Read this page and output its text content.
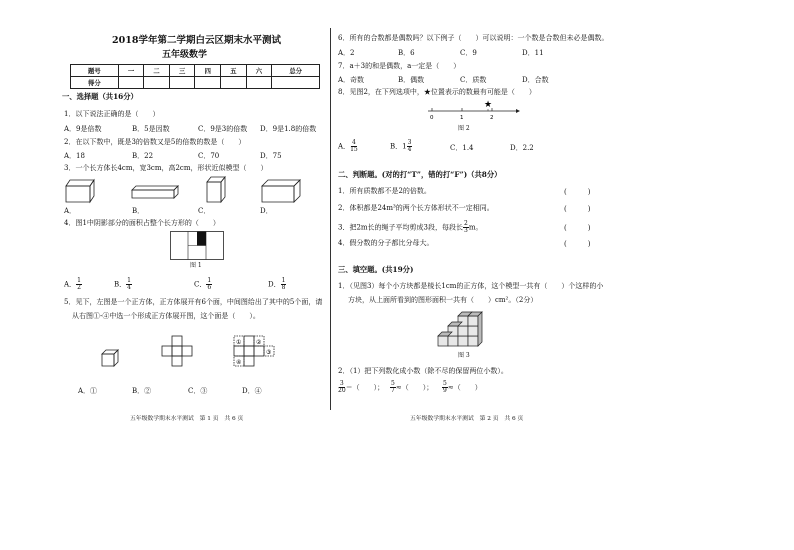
2018学年第二学期白云区期末水平测试
五年级数学
题号	一	二	三	四	五	六	总分
得分							
一、选择题（共16分）
1．以下说法正确的是（　　）
A．9是倍数	B．5是因数	C．9是3的倍数 D．9是1.8的倍数
2．在以下数中，既是3的倍数又是5的倍数的数是（　　）
A．18	B．22	C．70	D．75
3．一个长方体长4cm，宽3cm，高2cm，形状近似模型（　　）
A．	B．	C．	D．
4．图1中阴影部分的面积占整个长方形的（　　）
图 1
A． $\frac{1}{2}$	B． $\frac{1}{4}$	C． $\frac{1}{6}$	D． $\frac{1}{8}$
5．见下，左图是一个正方体，正方体展开有6个面，中间图给出了其中的5个面，请
从右图①-④中选一个形成正方体展开图，这个面是（　　）。
① ②
③
④
A．①	B．②	C．③	D．④
五年级数学期末水平测试　第 1 页　共 6 页
6．所有的合数都是偶数吗？以下例子（　　）可以说明：一个数是合数但未必是偶数。
A．2	B．6	C．9	D．11
7．a＋3的和是偶数，a一定是（　　）
A．奇数	B．偶数	C．质数	D．合数
8．见图2，在下列选项中，★位置表示的数最有可能是（　　）
0	1	2
★
图 2
A． $\frac{4}{15}$	B．$1 \frac{3}{4}$	C．1.4	D．2.2
二、判断题。(对的打“T”，错的打“F”)（共8分）
1．所有质数都不是2的倍数。	(　　　)
2．体积都是24m³的两个长方体形状不一定相同。	(　　　)
3．把2m长的绳子平均剪成3段，每段长 $\frac{2}{3}$ m。	(　　　)
4．假分数的分子都比分母大。	(　　　)
三、填空题。(共19分)
1．（见图3）每个小方块都是棱长1cm的正方体，这个模型一共有（　　）个这样的小
方块，从上面所看到的图形面积一共有（　　）cm²。（2分）
图 3
2．（1）把下列数化成小数（除不尽的保留两位小数）。
$\frac{3}{20}$ ＝（　　）； $\frac{5}{7}$ ≈（　　）； $\frac{5}{9}$ ≈（　　）
五年级数学期末水平测试　第 2 页　共 6 页
